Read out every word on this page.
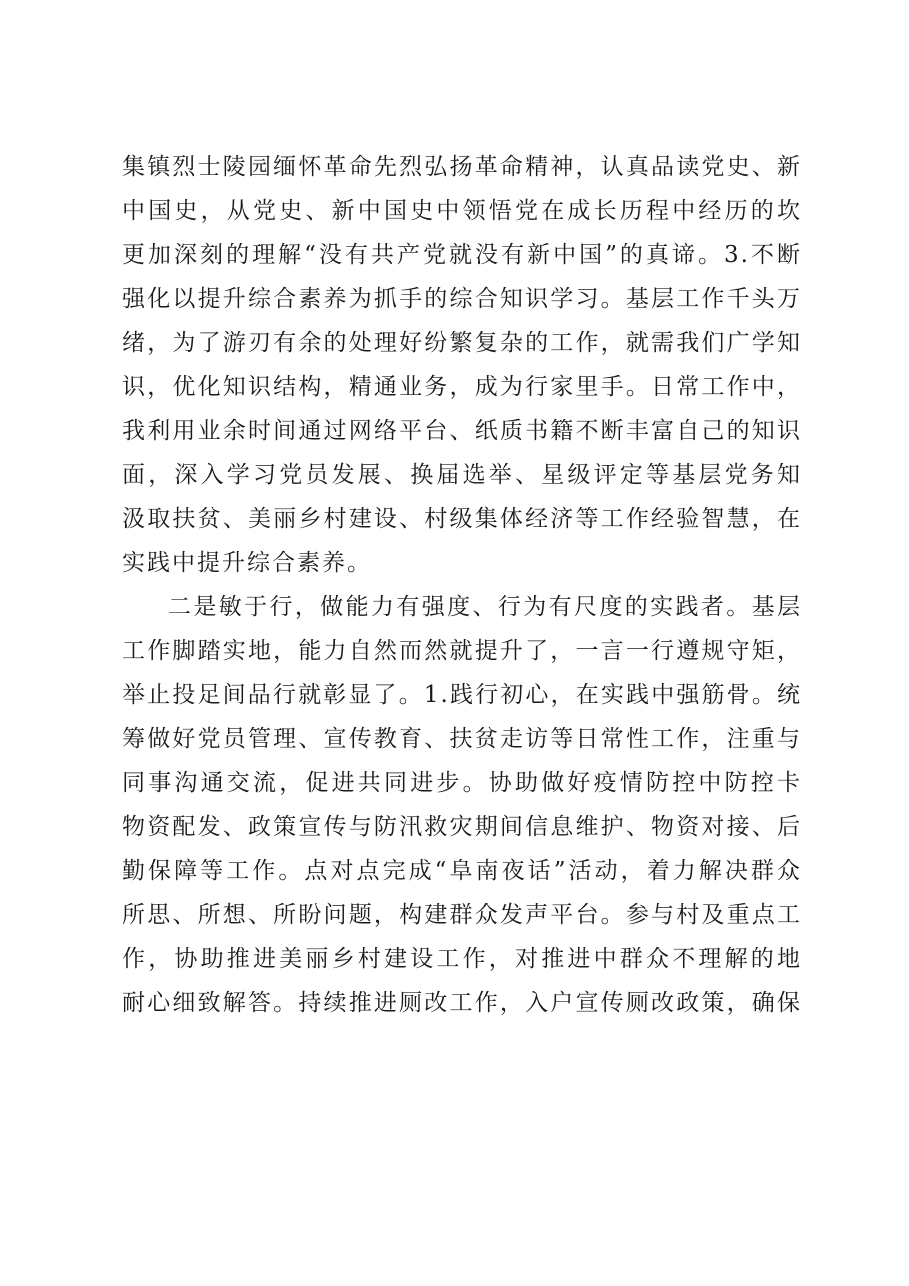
集镇烈士陵园缅怀革命先烈弘扬革命精神，认真品读党史、新
中国史，从党史、新中国史中领悟党在成长历程中经历的坎
更加深刻的理解“没有共产党就没有新中国”的真谛。3.不断
强化以提升综合素养为抓手的综合知识学习。基层工作千头万
绪，为了游刃有余的处理好纷繁复杂的工作，就需我们广学知
识，优化知识结构，精通业务，成为行家里手。日常工作中，
我利用业余时间通过网络平台、纸质书籍不断丰富自己的知识
面，深入学习党员发展、换届选举、星级评定等基层党务知
汲取扶贫、美丽乡村建设、村级集体经济等工作经验智慧，在
实践中提升综合素养。
二是敏于行，做能力有强度、行为有尺度的实践者。基层
工作脚踏实地，能力自然而然就提升了，一言一行遵规守矩，
举止投足间品行就彰显了。1.践行初心，在实践中强筋骨。统
筹做好党员管理、宣传教育、扶贫走访等日常性工作，注重与
同事沟通交流，促进共同进步。协助做好疫情防控中防控卡
物资配发、政策宣传与防汛救灾期间信息维护、物资对接、后
勤保障等工作。点对点完成“阜南夜话”活动，着力解决群众
所思、所想、所盼问题，构建群众发声平台。参与村及重点工
作，协助推进美丽乡村建设工作，对推进中群众不理解的地
耐心细致解答。持续推进厕改工作，入户宣传厕改政策，确保
